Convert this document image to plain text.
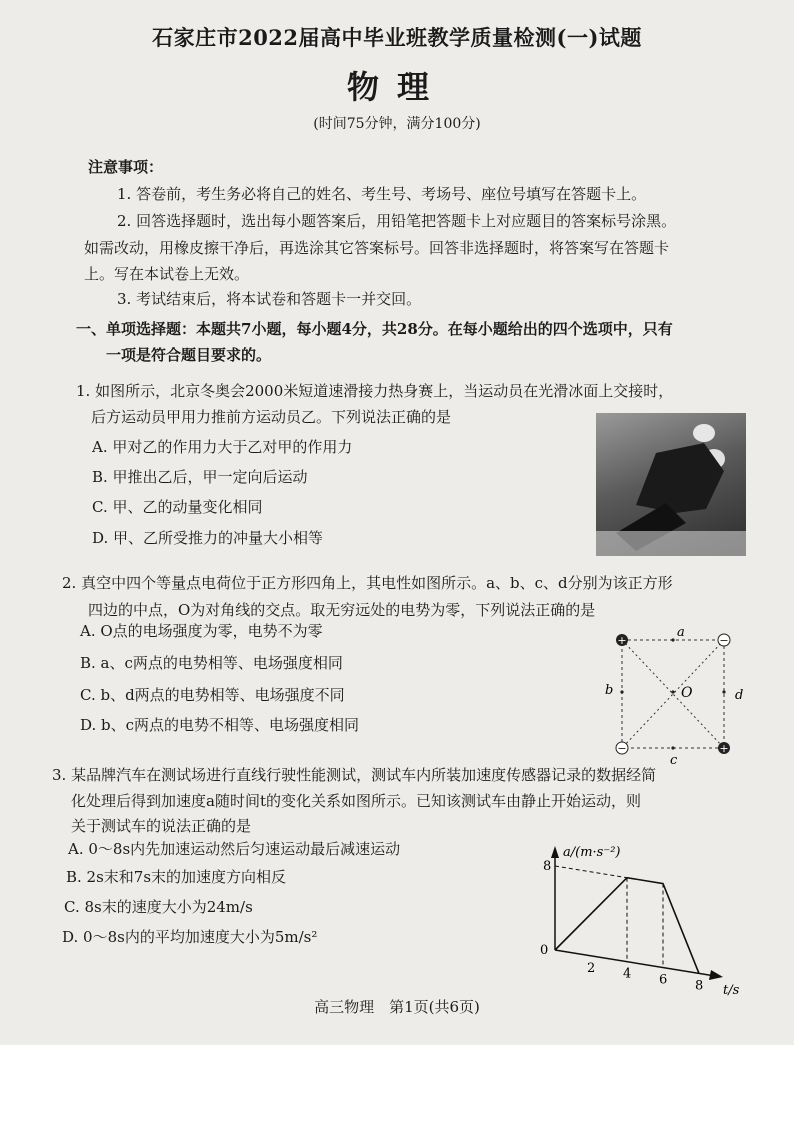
石家庄市2022届高中毕业班教学质量检测(一)试题
物理
(时间75分钟，满分100分)
注意事项：
1. 答卷前，考生务必将自己的姓名、考生号、考场号、座位号填写在答题卡上。
2. 回答选择题时，选出每小题答案后，用铅笔把答题卡上对应题目的答案标号涂黑。
如需改动，用橡皮擦干净后，再选涂其它答案标号。回答非选择题时，将答案写在答题卡
上。写在本试卷上无效。
3. 考试结束后，将本试卷和答题卡一并交回。
一、单项选择题：本题共7小题，每小题4分，共28分。在每小题给出的四个选项中，只有
一项是符合题目要求的。
1. 如图所示，北京冬奥会2000米短道速滑接力热身赛上，当运动员在光滑冰面上交接时，
后方运动员甲用力推前方运动员乙。下列说法正确的是
A. 甲对乙的作用力大于乙对甲的作用力
B. 甲推出乙后，甲一定向后运动
C. 甲、乙的动量变化相同
D. 甲、乙所受推力的冲量大小相等
2. 真空中四个等量点电荷位于正方形四角上，其电性如图所示。a、b、c、d分别为该正方形
四边的中点，O为对角线的交点。取无穷远处的电势为零，下列说法正确的是
A. O点的电场强度为零，电势不为零
B. a、c两点的电势相等、电场强度相同
C. b、d两点的电势相等、电场强度不同
D. b、c两点的电势不相等、电场强度相同
+	−
−	+
a
b
c
d
O
3. 某品牌汽车在测试场进行直线行驶性能测试，测试车内所装加速度传感器记录的数据经简
化处理后得到加速度a随时间t的变化关系如图所示。已知该测试车由静止开始运动，则
关于测试车的说法正确的是
A. 0～8s内先加速运动然后匀速运动最后减速运动
B. 2s末和7s末的加速度方向相反
C. 8s末的速度大小为24m/s
D. 0～8s内的平均加速度大小为5m/s²
a/(m·s⁻²)
t/s
0
8
2 4 6 8
高三物理　第1页(共6页)
